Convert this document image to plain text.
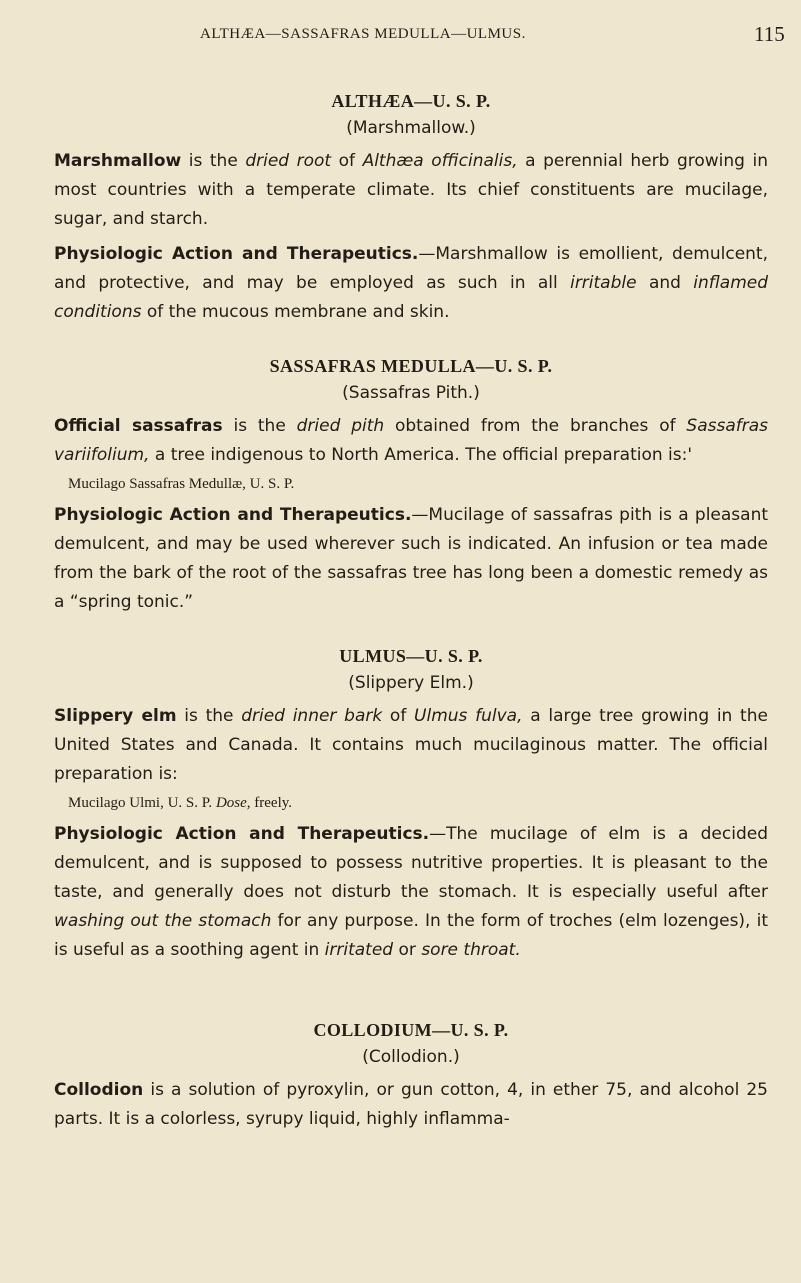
ALTHÆA—SASSAFRAS MEDULLA—ULMUS.	115
ALTHÆA—U. S. P.
(Marshmallow.)

Marshmallow is the dried root of Althæa officinalis, a perennial herb growing in most countries with a temperate climate. Its chief constituents are mucilage, sugar, and starch.

Physiologic Action and Therapeutics.—Marshmallow is emollient, demulcent, and protective, and may be employed as such in all irritable and inflamed conditions of the mucous membrane and skin.

SASSAFRAS MEDULLA—U. S. P.
(Sassafras Pith.)

Official sassafras is the dried pith obtained from the branches of Sassafras variifolium, a tree indigenous to North America. The official preparation is:'

Mucilago Sassafras Medullæ, U. S. P.

Physiologic Action and Therapeutics.—Mucilage of sassafras pith is a pleasant demulcent, and may be used wherever such is indicated. An infusion or tea made from the bark of the root of the sassafras tree has long been a domestic remedy as a “spring tonic.”

ULMUS—U. S. P.
(Slippery Elm.)

Slippery elm is the dried inner bark of Ulmus fulva, a large tree growing in the United States and Canada. It contains much mucilaginous matter. The official preparation is:

Mucilago Ulmi, U. S. P. Dose, freely.

Physiologic Action and Therapeutics.—The mucilage of elm is a decided demulcent, and is supposed to possess nutritive properties. It is pleasant to the taste, and generally does not disturb the stomach. It is especially useful after washing out the stomach for any purpose. In the form of troches (elm lozenges), it is useful as a soothing agent in irritated or sore throat.

COLLODIUM—U. S. P.
(Collodion.)

Collodion is a solution of pyroxylin, or gun cotton, 4, in ether 75, and alcohol 25 parts. It is a colorless, syrupy liquid, highly inflamma-
